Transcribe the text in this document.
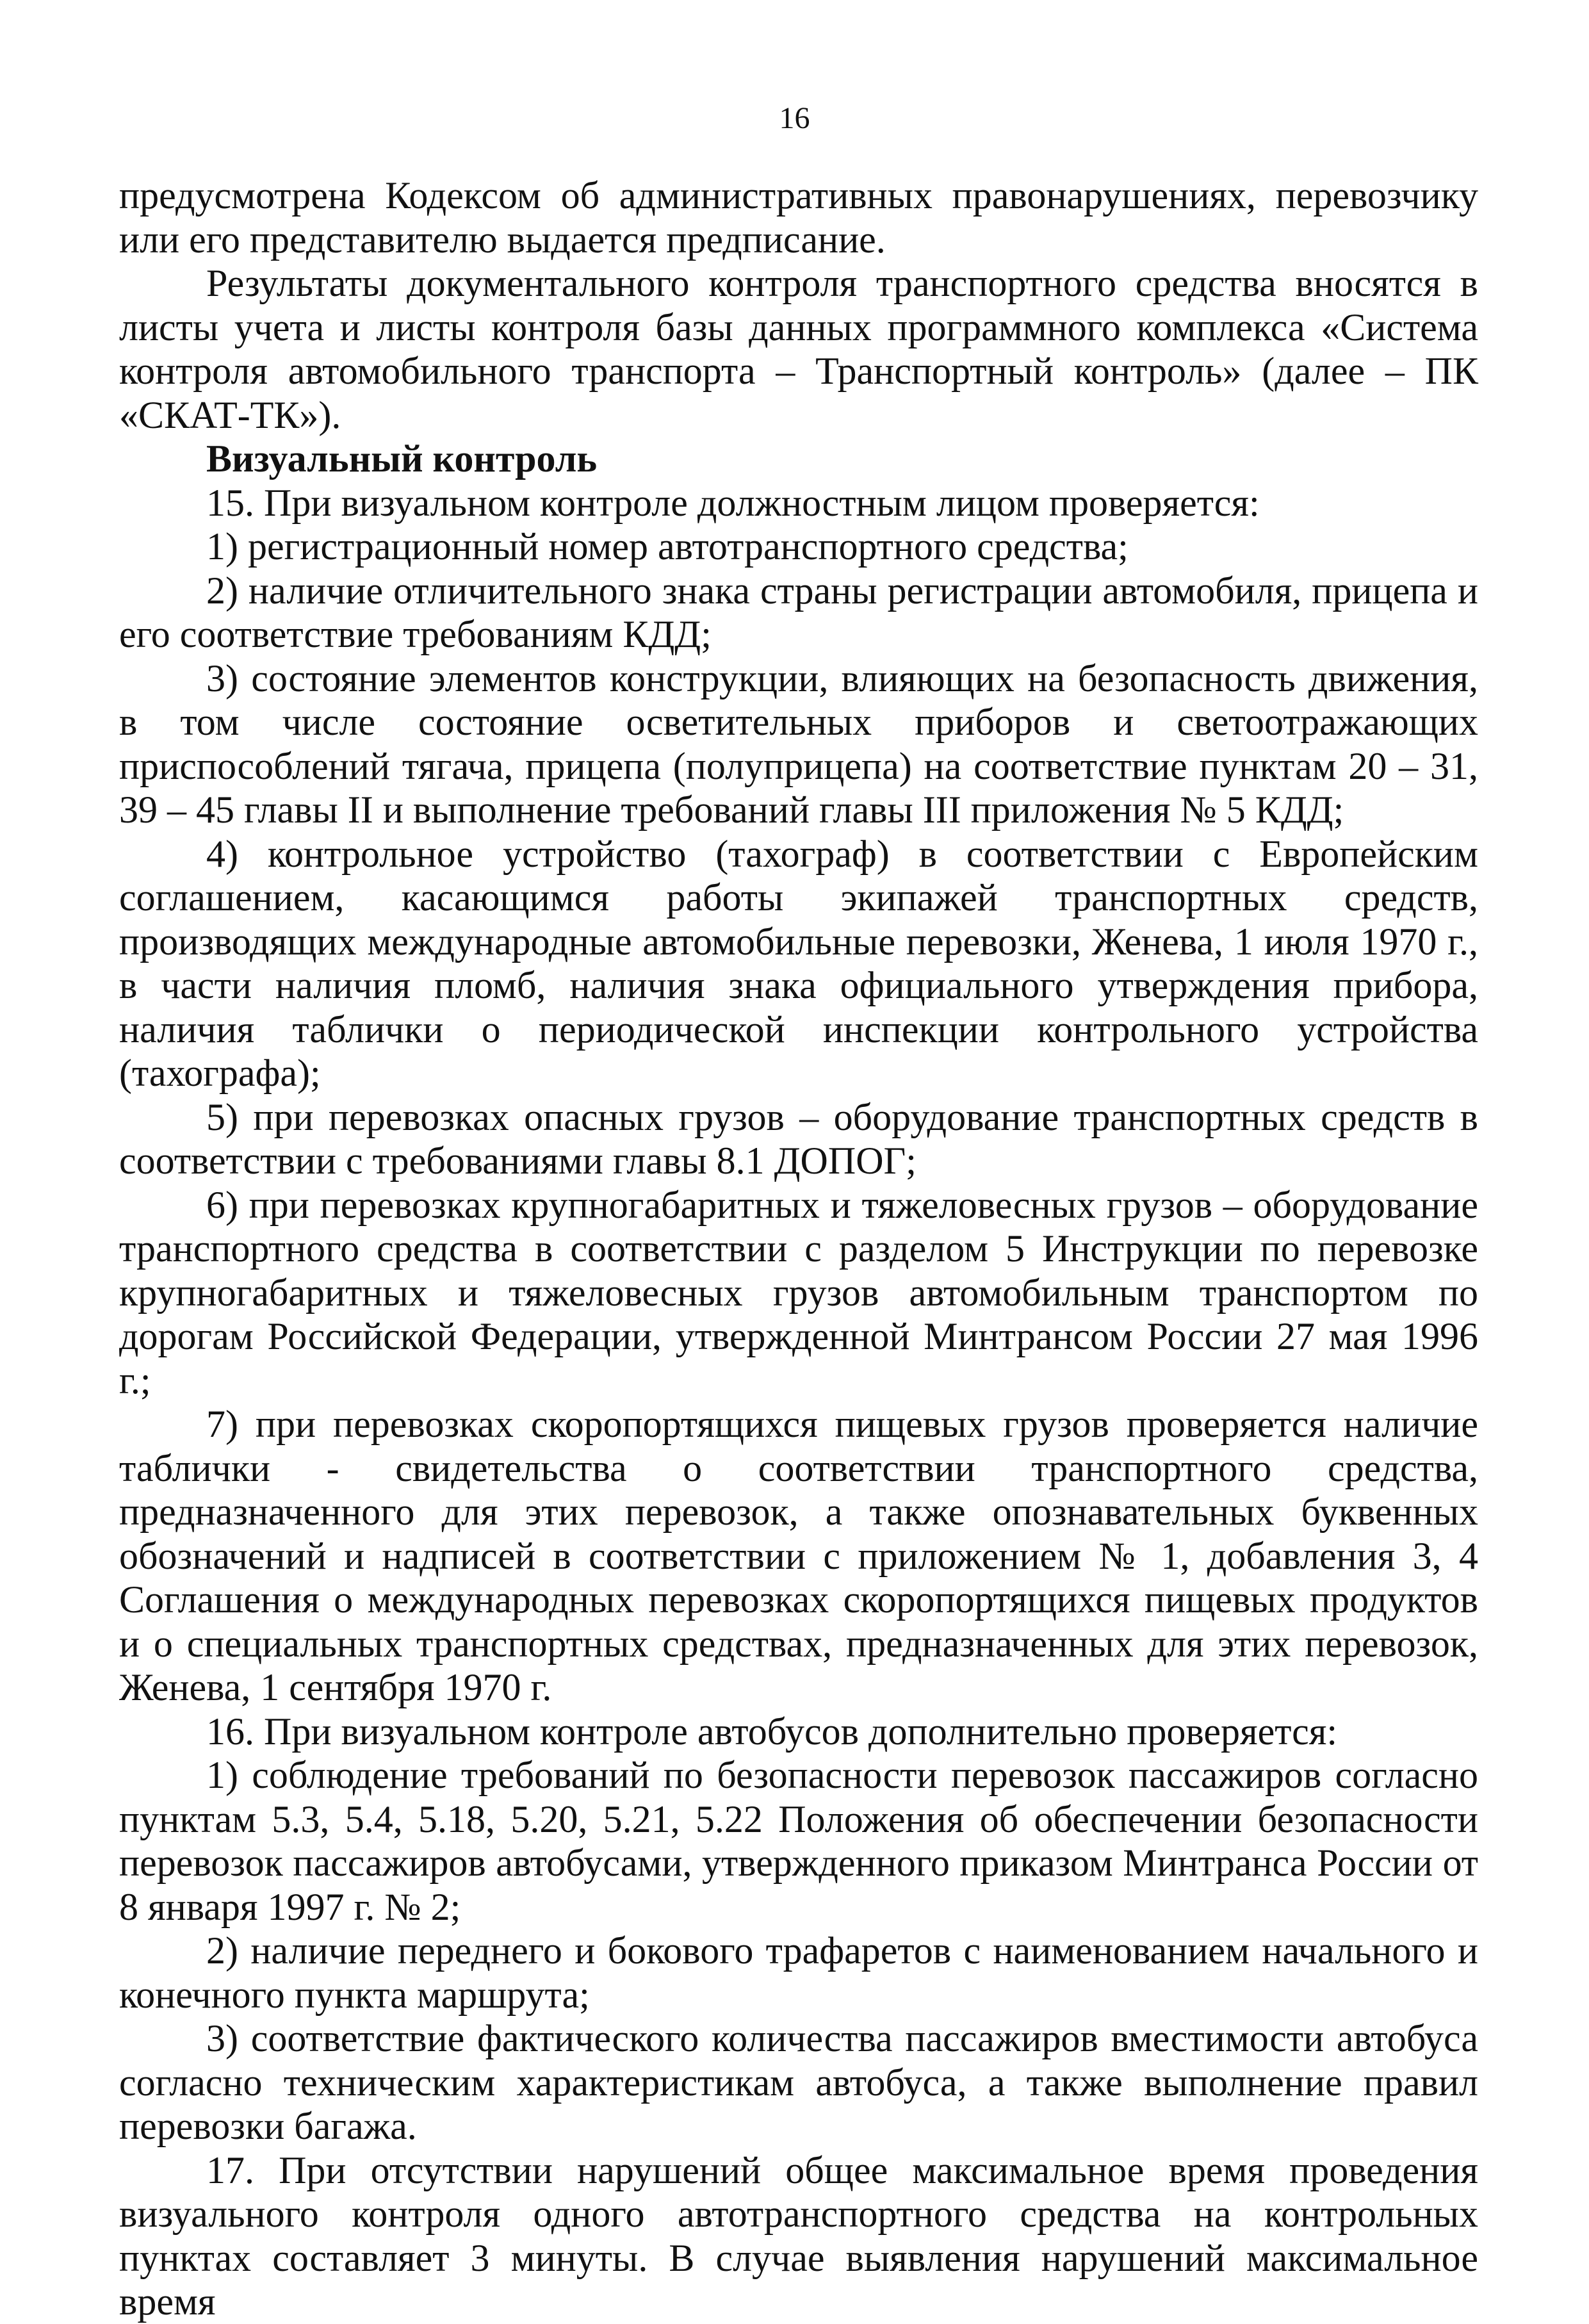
16

предусмотрена Кодексом об административных правонарушениях, перевозчику или его представителю выдается предписание.

Результаты документального контроля транспортного средства вносятся в листы учета и листы контроля базы данных программного комплекса «Система контроля автомобильного транспорта – Транспортный контроль» (далее – ПК «СКАТ-ТК»).

Визуальный контроль

15. При визуальном контроле должностным лицом проверяется:

1) регистрационный номер автотранспортного средства;

2) наличие отличительного знака страны регистрации автомобиля, прицепа и его соответствие требованиям КДД;

3) состояние элементов конструкции, влияющих на безопасность движения, в том числе состояние осветительных приборов и светоотражающих приспособлений тягача, прицепа (полуприцепа) на соответствие пунктам 20 – 31, 39 – 45 главы II и выполнение требований главы III приложения № 5 КДД;

4) контрольное устройство (тахограф) в соответствии с Европейским соглашением, касающимся работы экипажей транспортных средств, производящих международные автомобильные перевозки, Женева, 1 июля 1970 г., в части наличия пломб, наличия знака официального утверждения прибора, наличия таблички о периодической инспекции контрольного устройства (тахографа);

5) при перевозках опасных грузов – оборудование транспортных средств в соответствии с требованиями главы 8.1 ДОПОГ;

6) при перевозках крупногабаритных и тяжеловесных грузов – оборудование транспортного средства в соответствии с разделом 5 Инструкции по перевозке крупногабаритных и тяжеловесных грузов автомобильным транспортом по дорогам Российской Федерации, утвержденной Минтрансом России 27 мая 1996 г.;

7) при перевозках скоропортящихся пищевых грузов проверяется наличие таблички - свидетельства о соответствии транспортного средства, предназначенного для этих перевозок, а также опознавательных буквенных обозначений и надписей в соответствии с приложением № 1, добавления 3, 4 Соглашения о международных перевозках скоропортящихся пищевых продуктов и о специальных транспортных средствах, предназначенных для этих перевозок, Женева, 1 сентября 1970 г.

16. При визуальном контроле автобусов дополнительно проверяется:

1) соблюдение требований по безопасности перевозок пассажиров согласно пунктам 5.3, 5.4, 5.18, 5.20, 5.21, 5.22 Положения об обеспечении безопасности перевозок пассажиров автобусами, утвержденного приказом Минтранса России от 8 января 1997 г. № 2;

2) наличие переднего и бокового трафаретов с наименованием начального и конечного пункта маршрута;

3) соответствие фактического количества пассажиров вместимости автобуса согласно техническим характеристикам автобуса, а также выполнение правил перевозки багажа.

17. При отсутствии нарушений общее максимальное время проведения визуального контроля одного автотранспортного средства на контрольных пунктах составляет 3 минуты. В случае выявления нарушений максимальное время
